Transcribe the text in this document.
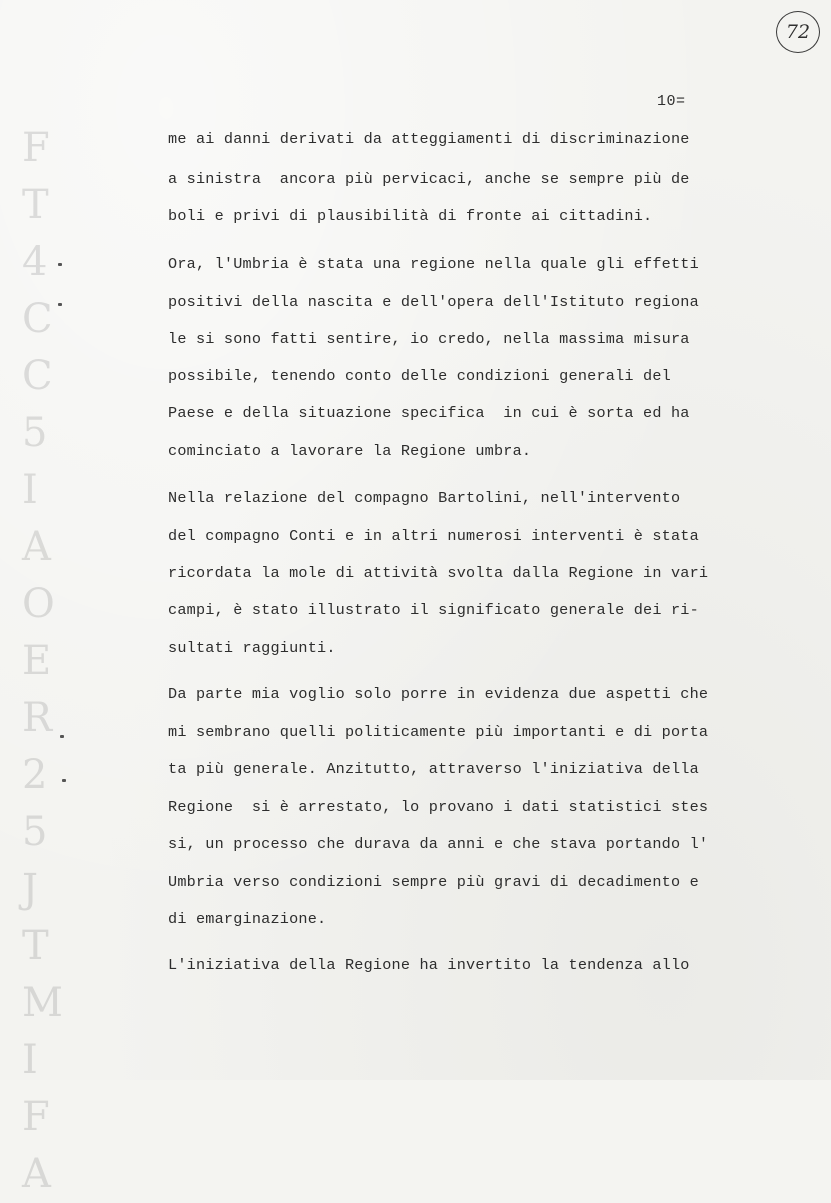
F
T
4
C
C
5
I
A
O
E
R
2
5
J
T
M
I
F
A
72
10=
me ai danni derivati da atteggiamenti di discriminazione
a sinistra  ancora più pervicaci, anche se sempre più de
boli e privi di plausibilità di fronte ai cittadini.
Ora, l'Umbria è stata una regione nella quale gli effetti
positivi della nascita e dell'opera dell'Istituto regiona
le si sono fatti sentire, io credo, nella massima misura
possibile, tenendo conto delle condizioni generali del
Paese e della situazione specifica  in cui è sorta ed ha
cominciato a lavorare la Regione umbra.
Nella relazione del compagno Bartolini, nell'intervento
del compagno Conti e in altri numerosi interventi è stata
ricordata la mole di attività svolta dalla Regione in vari
campi, è stato illustrato il significato generale dei ri-
sultati raggiunti.
Da parte mia voglio solo porre in evidenza due aspetti che
mi sembrano quelli politicamente più importanti e di porta
ta più generale. Anzitutto, attraverso l'iniziativa della
Regione  si è arrestato, lo provano i dati statistici stes
si, un processo che durava da anni e che stava portando l'
Umbria verso condizioni sempre più gravi di decadimento e
di emarginazione.
L'iniziativa della Regione ha invertito la tendenza allo
